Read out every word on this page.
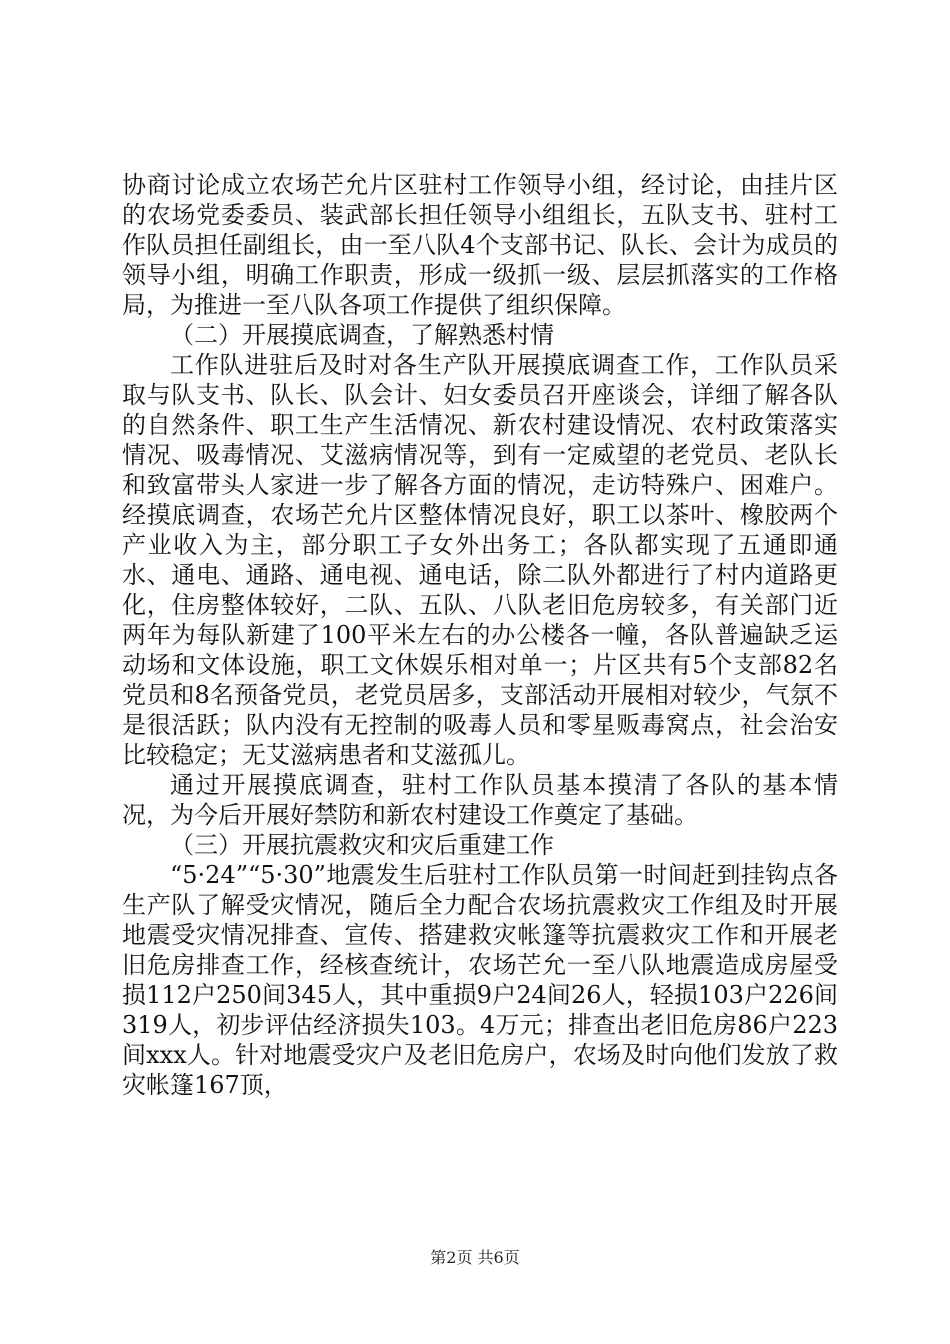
协商讨论成立农场芒允片区驻村工作领导小组，经讨论，由挂片区的农场党委委员、装武部长担任领导小组组长，五队支书、驻村工作队员担任副组长，由一至八队4个支部书记、队长、会计为成员的领导小组，明确工作职责，形成一级抓一级、层层抓落实的工作格局，为推进一至八队各项工作提供了组织保障。

（二）开展摸底调查，了解熟悉村情

工作队进驻后及时对各生产队开展摸底调查工作，工作队员采取与队支书、队长、队会计、妇女委员召开座谈会，详细了解各队的自然条件、职工生产生活情况、新农村建设情况、农村政策落实情况、吸毒情况、艾滋病情况等，到有一定威望的老党员、老队长和致富带头人家进一步了解各方面的情况，走访特殊户、困难户。经摸底调查，农场芒允片区整体情况良好，职工以茶叶、橡胶两个产业收入为主，部分职工子女外出务工；各队都实现了五通即通水、通电、通路、通电视、通电话，除二队外都进行了村内道路更化，住房整体较好，二队、五队、八队老旧危房较多，有关部门近两年为每队新建了100平米左右的办公楼各一幢，各队普遍缺乏运动场和文体设施，职工文休娱乐相对单一；片区共有5个支部82名党员和8名预备党员，老党员居多，支部活动开展相对较少，气氛不是很活跃；队内没有无控制的吸毒人员和零星贩毒窝点，社会治安比较稳定；无艾滋病患者和艾滋孤儿。

通过开展摸底调查，驻村工作队员基本摸清了各队的基本情况，为今后开展好禁防和新农村建设工作奠定了基础。

（三）开展抗震救灾和灾后重建工作

“5·24”“5·30”地震发生后驻村工作队员第一时间赶到挂钩点各生产队了解受灾情况，随后全力配合农场抗震救灾工作组及时开展地震受灾情况排查、宣传、搭建救灾帐篷等抗震救灾工作和开展老旧危房排查工作，经核查统计，农场芒允一至八队地震造成房屋受损112户250间345人，其中重损9户24间26人，轻损103户226间319人，初步评估经济损失103。4万元；排查出老旧危房86户223间xxx人。针对地震受灾户及老旧危房户，农场及时向他们发放了救灾帐篷167顶，

第2页 共6页
